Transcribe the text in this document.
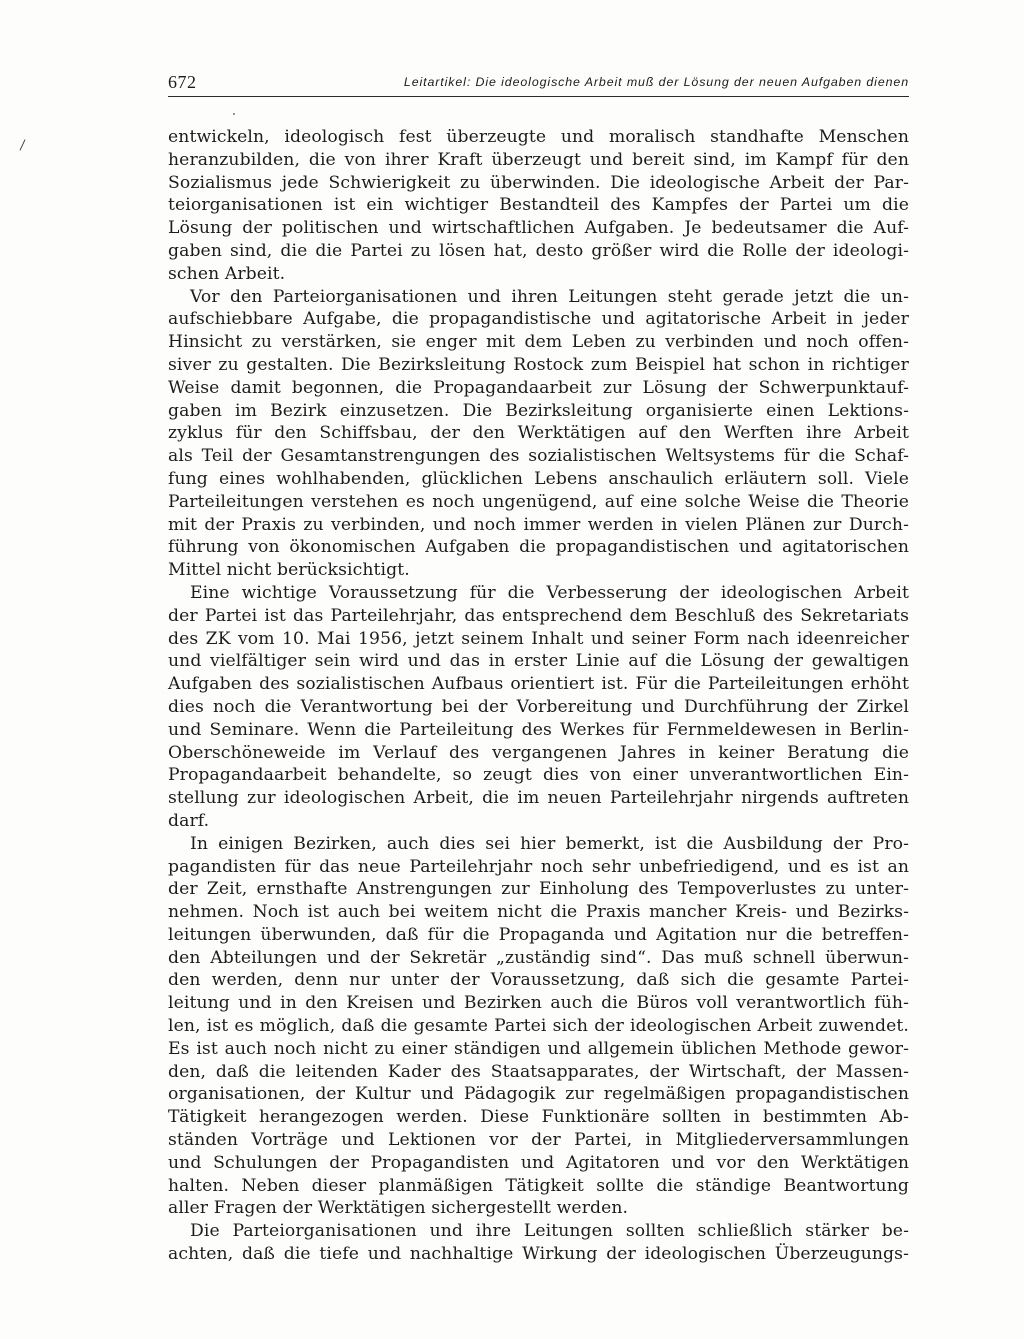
672	Leitartikel: Die ideologische Arbeit muß der Lösung der neuen Aufgaben dienen

entwickeln, ideologisch fest überzeugte und moralisch standhafte Menschen

heranzubilden, die von ihrer Kraft überzeugt und bereit sind, im Kampf für den

Sozialismus jede Schwierigkeit zu überwinden. Die ideologische Arbeit der Par-

teiorganisationen ist ein wichtiger Bestandteil des Kampfes der Partei um die

Lösung der politischen und wirtschaftlichen Aufgaben. Je bedeutsamer die Auf-

gaben sind, die die Partei zu lösen hat, desto größer wird die Rolle der ideologi-

schen Arbeit.

Vor den Parteiorganisationen und ihren Leitungen steht gerade jetzt die un-

aufschiebbare Aufgabe, die propagandistische und agitatorische Arbeit in jeder

Hinsicht zu verstärken, sie enger mit dem Leben zu verbinden und noch offen-

siver zu gestalten. Die Bezirksleitung Rostock zum Beispiel hat schon in richtiger

Weise damit begonnen, die Propagandaarbeit zur Lösung der Schwerpunktauf-

gaben im Bezirk einzusetzen. Die Bezirksleitung organisierte einen Lektions-

zyklus für den Schiffsbau, der den Werktätigen auf den Werften ihre Arbeit

als Teil der Gesamtanstrengungen des sozialistischen Weltsystems für die Schaf-

fung eines wohlhabenden, glücklichen Lebens anschaulich erläutern soll. Viele

Parteileitungen verstehen es noch ungenügend, auf eine solche Weise die Theorie

mit der Praxis zu verbinden, und noch immer werden in vielen Plänen zur Durch-

führung von ökonomischen Aufgaben die propagandistischen und agitatorischen

Mittel nicht berücksichtigt.

Eine wichtige Voraussetzung für die Verbesserung der ideologischen Arbeit

der Partei ist das Parteilehrjahr, das entsprechend dem Beschluß des Sekretariats

des ZK vom 10. Mai 1956, jetzt seinem Inhalt und seiner Form nach ideenreicher

und vielfältiger sein wird und das in erster Linie auf die Lösung der gewaltigen

Aufgaben des sozialistischen Aufbaus orientiert ist. Für die Parteileitungen erhöht

dies noch die Verantwortung bei der Vorbereitung und Durchführung der Zirkel

und Seminare. Wenn die Parteileitung des Werkes für Fernmeldewesen in Berlin-

Oberschöneweide im Verlauf des vergangenen Jahres in keiner Beratung die

Propagandaarbeit behandelte, so zeugt dies von einer unverantwortlichen Ein-

stellung zur ideologischen Arbeit, die im neuen Parteilehrjahr nirgends auftreten

darf.

In einigen Bezirken, auch dies sei hier bemerkt, ist die Ausbildung der Pro-

pagandisten für das neue Parteilehrjahr noch sehr unbefriedigend, und es ist an

der Zeit, ernsthafte Anstrengungen zur Einholung des Tempoverlustes zu unter-

nehmen. Noch ist auch bei weitem nicht die Praxis mancher Kreis- und Bezirks-

leitungen überwunden, daß für die Propaganda und Agitation nur die betreffen-

den Abteilungen und der Sekretär „zuständig sind“. Das muß schnell überwun-

den werden, denn nur unter der Voraussetzung, daß sich die gesamte Partei-

leitung und in den Kreisen und Bezirken auch die Büros voll verantwortlich füh-

len, ist es möglich, daß die gesamte Partei sich der ideologischen Arbeit zuwendet.

Es ist auch noch nicht zu einer ständigen und allgemein üblichen Methode gewor-

den, daß die leitenden Kader des Staatsapparates, der Wirtschaft, der Massen-

organisationen, der Kultur und Pädagogik zur regelmäßigen propagandistischen

Tätigkeit herangezogen werden. Diese Funktionäre sollten in bestimmten Ab-

ständen Vorträge und Lektionen vor der Partei, in Mitgliederversammlungen

und Schulungen der Propagandisten und Agitatoren und vor den Werktätigen

halten. Neben dieser planmäßigen Tätigkeit sollte die ständige Beantwortung

aller Fragen der Werktätigen sichergestellt werden.

Die Parteiorganisationen und ihre Leitungen sollten schließlich stärker be-

achten, daß die tiefe und nachhaltige Wirkung der ideologischen Überzeugungs-
